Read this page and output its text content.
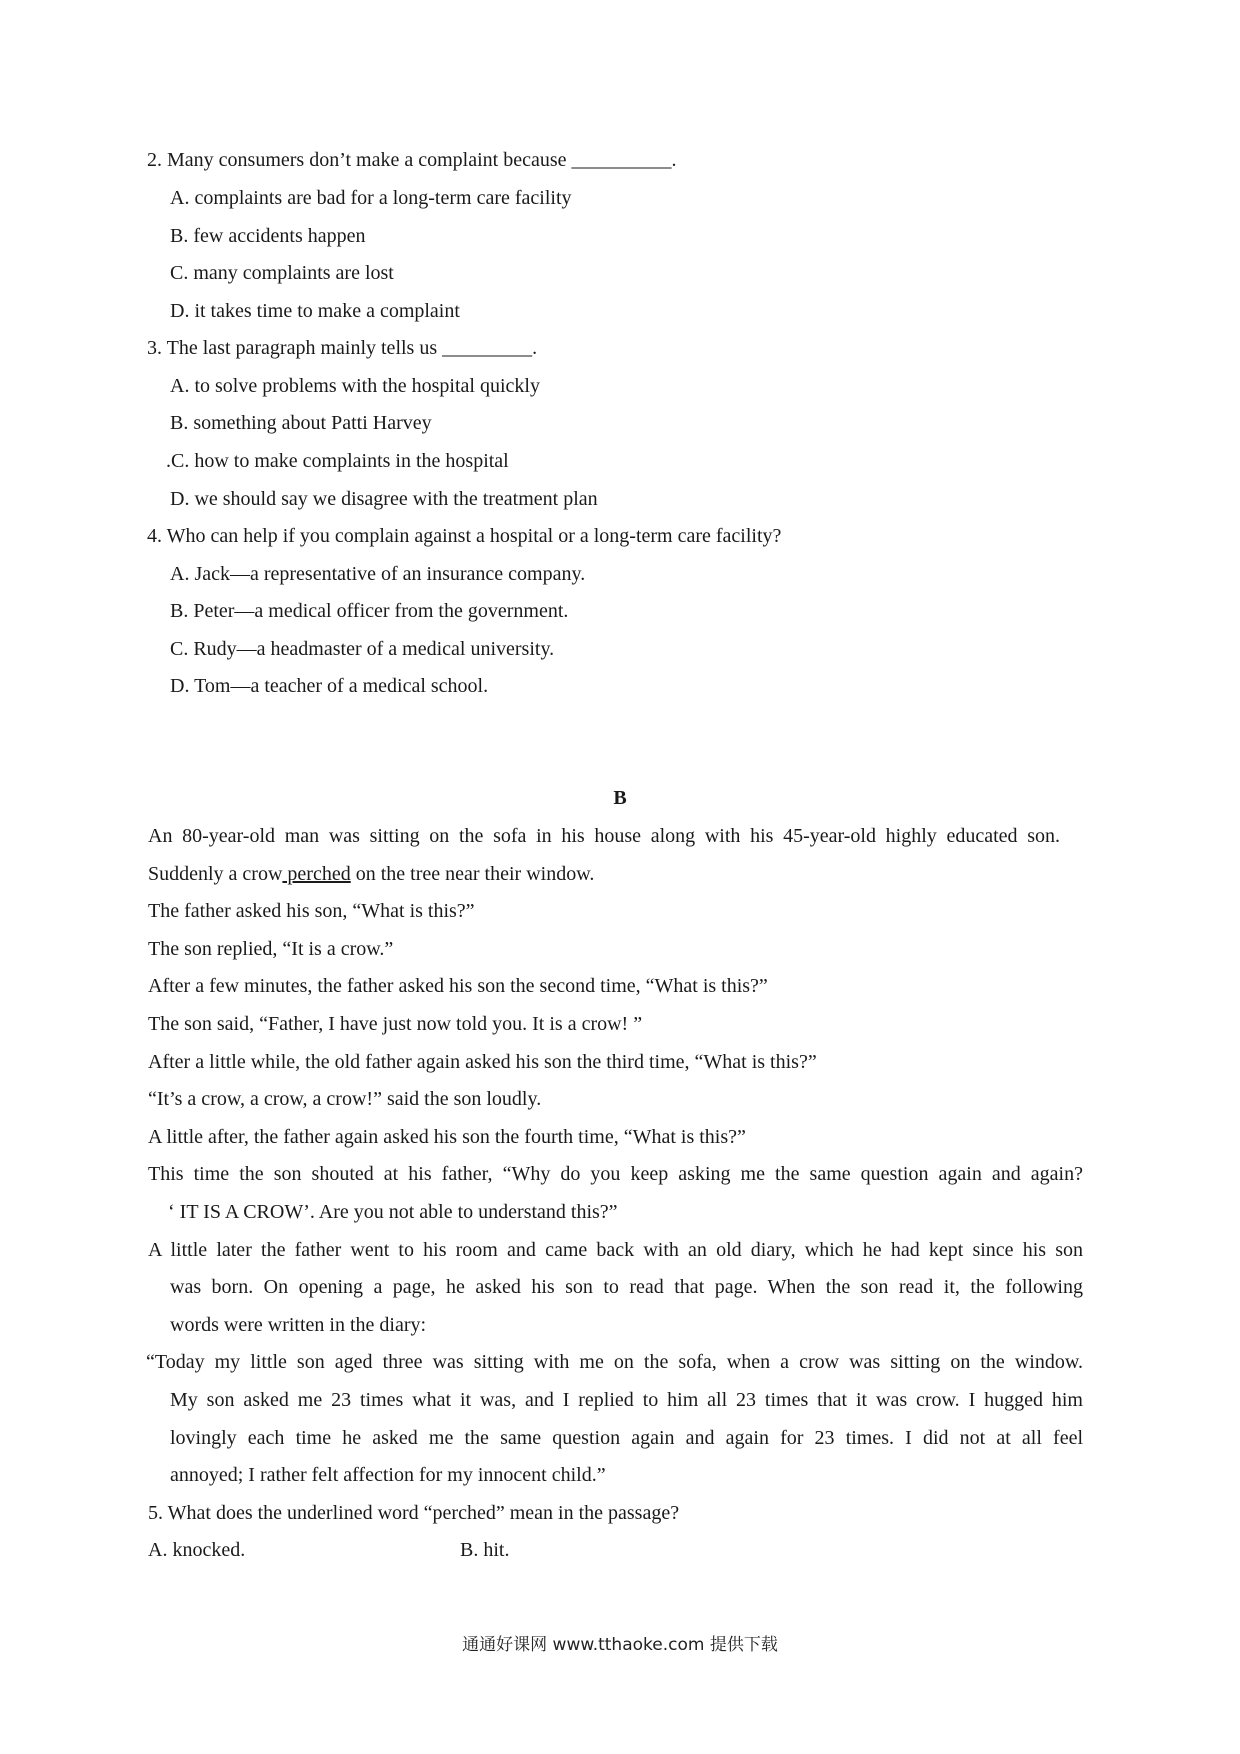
2. Many consumers don’t make a complaint because __________.
A. complaints are bad for a long-term care facility
B. few accidents happen
C. many complaints are lost
D. it takes time to make a complaint
3. The last paragraph mainly tells us _________.
A. to solve problems with the hospital quickly
B. something about Patti Harvey
.C. how to make complaints in the hospital
D. we should say we disagree with the treatment plan
4. Who can help if you complain against a hospital or a long-term care facility?
A. Jack—a representative of an insurance company.
B. Peter—a medical officer from the government.
C. Rudy—a headmaster of a medical university.
D. Tom—a teacher of a medical school.
B
An 80-year-old man was sitting on the sofa in his house along with his 45-year-old highly educated son.
Suddenly a crow perched on the tree near their window.
The father asked his son, “What is this?”
The son replied, “It is a crow.”
After a few minutes, the father asked his son the second time, “What is this?”
The son said, “Father, I have just now told you. It is a crow! ”
After a little while, the old father again asked his son the third time, “What is this?”
“It’s a crow, a crow, a crow!” said the son loudly.
A little after, the father again asked his son the fourth time, “What is this?”
This time the son shouted at his father, “Why do you keep asking me the same question again and again?
‘ IT IS A CROW’. Are you not able to understand this?”
A little later the father went to his room and came back with an old diary, which he had kept since his son
was born. On opening a page, he asked his son to read that page. When the son read it, the following
words were written in the diary:
“Today my little son aged three was sitting with me on the sofa, when a crow was sitting on the window.
My son asked me 23 times what it was, and I replied to him all 23 times that it was crow. I hugged him
lovingly each time he asked me the same question again and again for 23 times. I did not at all feel
annoyed; I rather felt affection for my innocent child.”
5. What does the underlined word “perched” mean in the passage?
A. knocked.	B. hit.
通通好课网 www.tthaoke.com 提供下载
